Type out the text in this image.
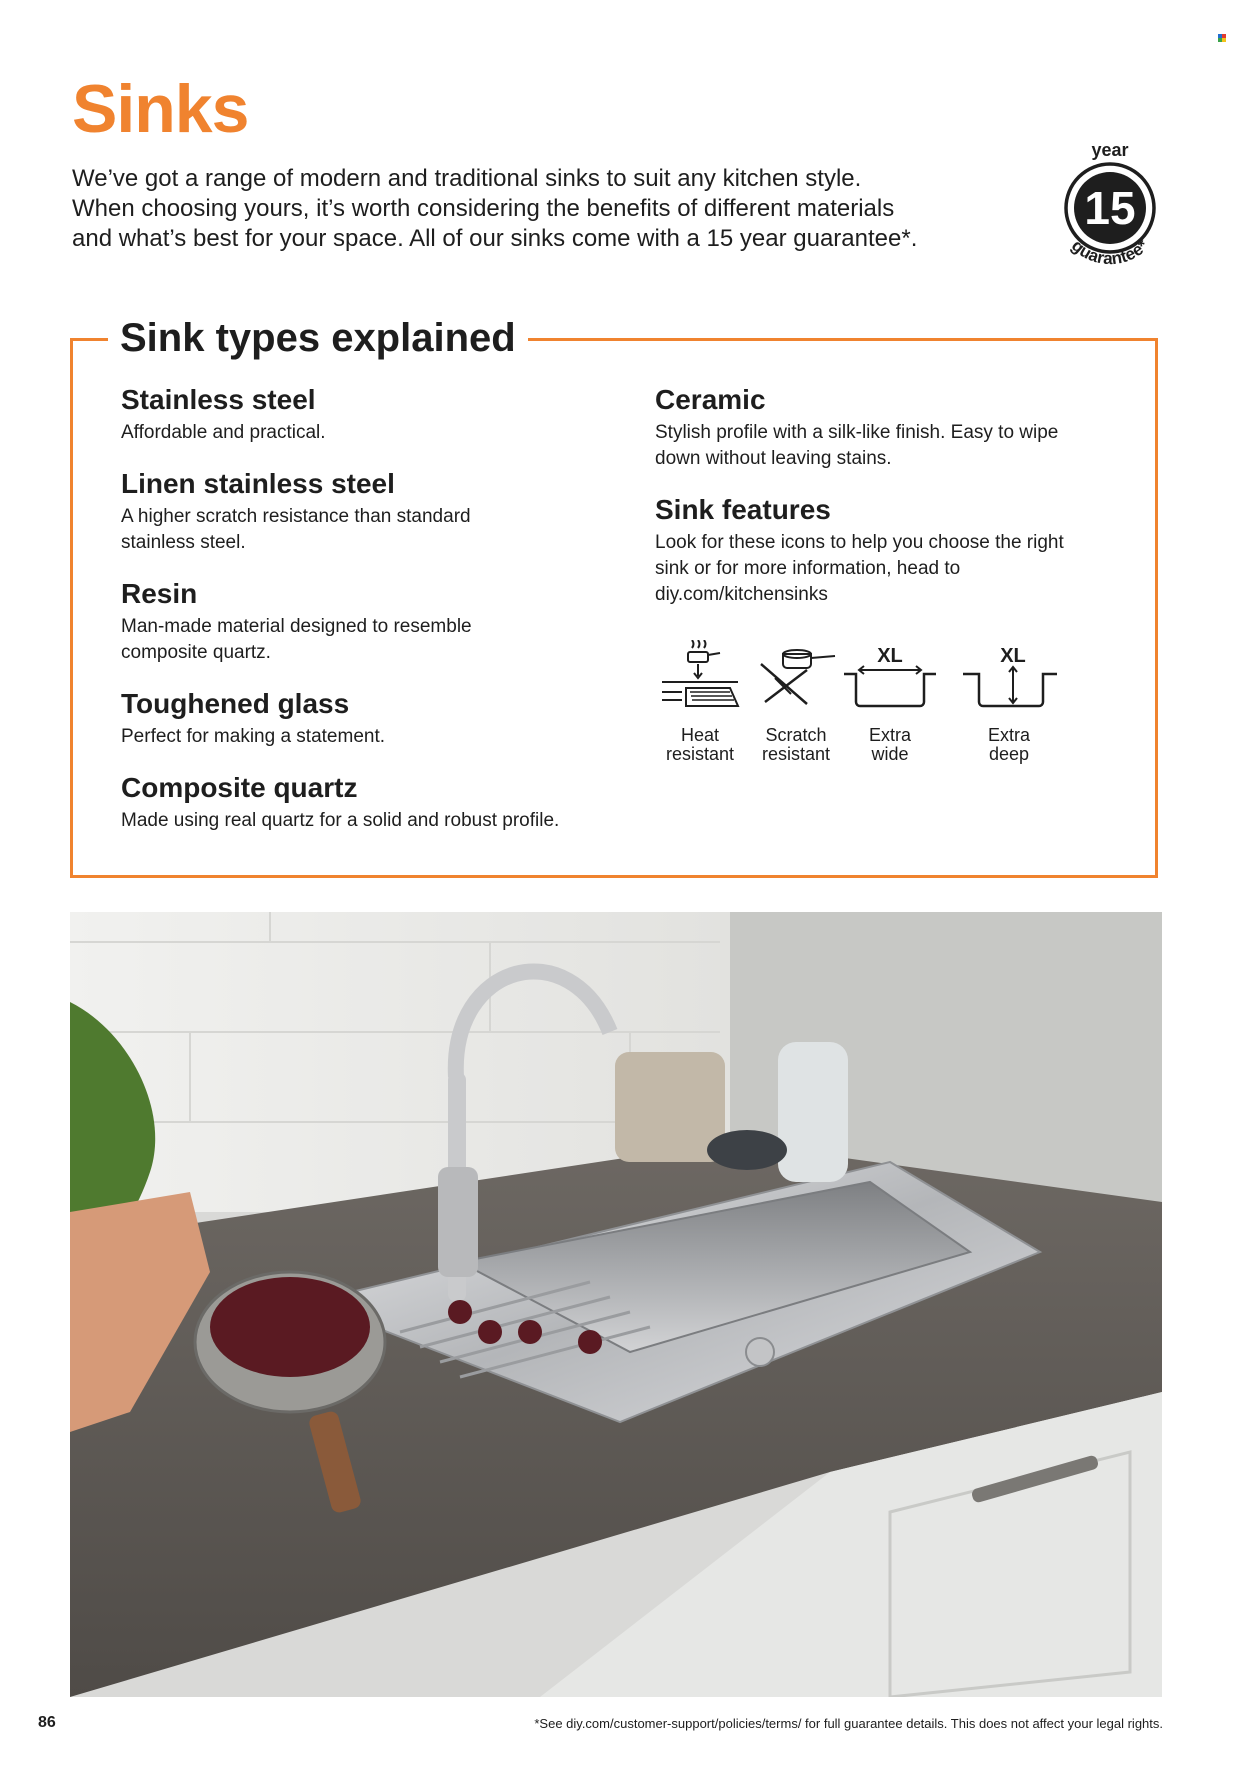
Sinks

We’ve got a range of modern and traditional sinks to suit any kitchen style.

When choosing yours, it’s worth considering the benefits of different materials

and what’s best for your space. All of our sinks come with a 15 year guarantee*.

year
15
guarantee*
Sink types explained
Stainless steel

Affordable and practical.

Linen stainless steel

A higher scratch resistance than standard stainless steel.

Resin

Man-made material designed to resemble composite quartz.

Toughened glass

Perfect for making a statement.

Composite quartz

Made using real quartz for a solid and robust profile.

Ceramic

Stylish profile with a silk-like finish. Easy to wipe down without leaving stains.

Sink features

Look for these icons to help you choose the right sink or for more information, head to diy.com/kitchensinks

Heat
resistant
Scratch
resistant
XL
Extra
wide
XL
Extra
deep
86	*See diy.com/customer-support/policies/terms/ for full guarantee details. This does not affect your legal rights.
